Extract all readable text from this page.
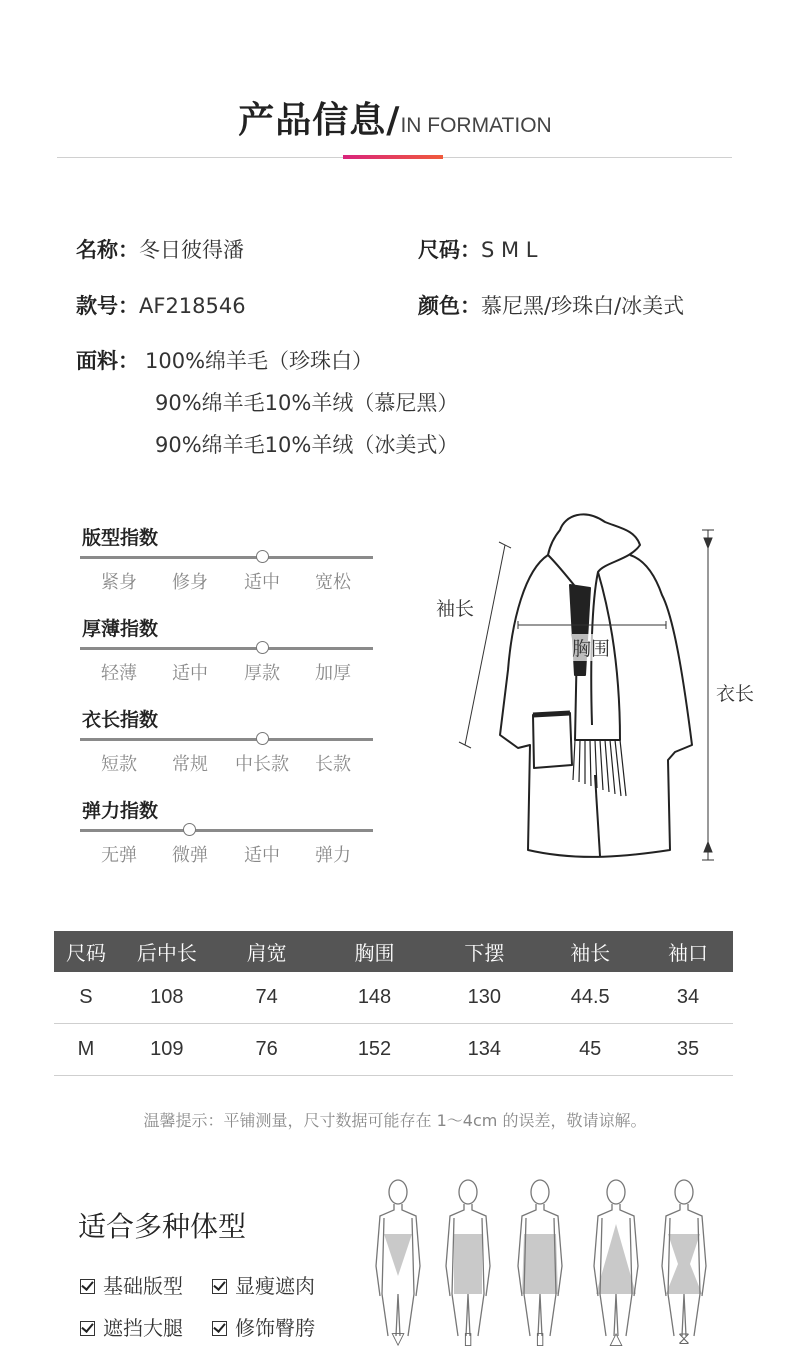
产品信息/IN FORMATION
名称：冬日彼得潘	尺码：S M L
款号：AF218546	颜色：慕尼黑/珍珠白/冰美式
面料： 100%绵羊毛（珍珠白）
90%绵羊毛10%羊绒（慕尼黑）
90%绵羊毛10%羊绒（冰美式）
版型指数
紧身	修身	适中	宽松
厚薄指数
轻薄	适中	厚款	加厚
衣长指数
短款	常规	中长款	长款
弹力指数
无弹	微弹	适中	弹力
袖长
胸围
衣长
尺码	后中长	肩宽	胸围	下摆	袖长	袖口
S	108	74	148	130	44.5	34
M	109	76	152	134	45	35
温馨提示：平铺测量，尺寸数据可能存在 1～4cm 的误差，敬请谅解。
适合多种体型
基础版型	显瘦遮肉
遮挡大腿	修饰臀胯	▽	▯	▯	△	⧖
